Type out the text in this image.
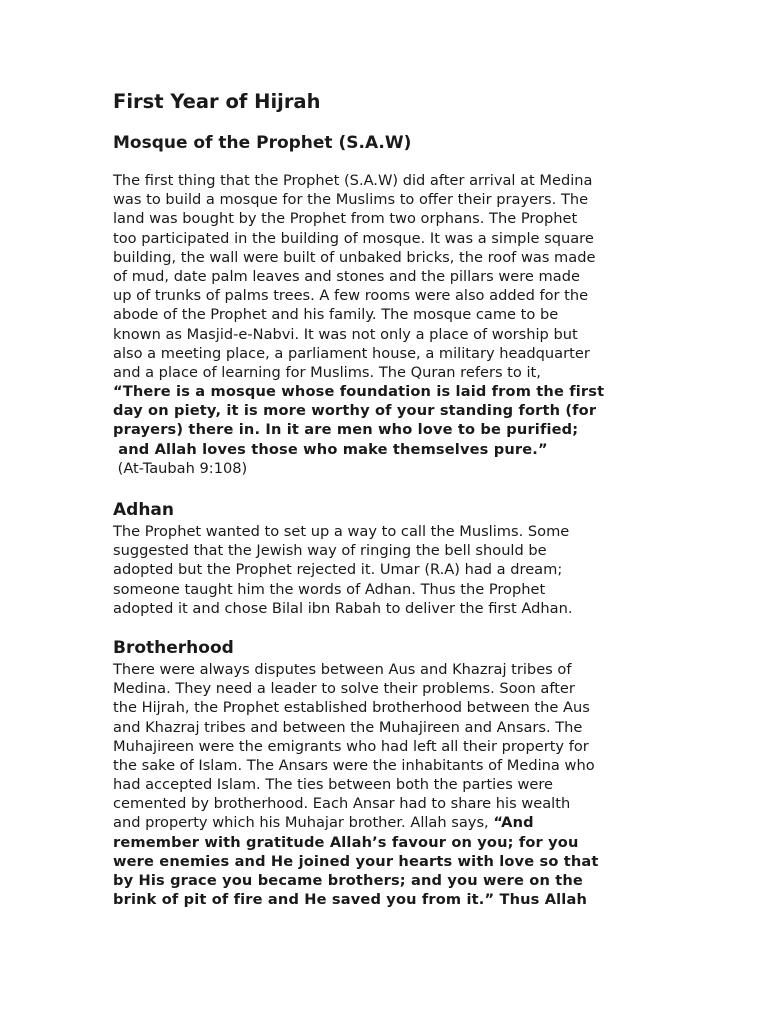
First Year of Hijrah
Mosque of the Prophet (S.A.W)
The first thing that the Prophet (S.A.W) did after arrival at Medina
was to build a mosque for the Muslims to offer their prayers. The
land was bought by the Prophet from two orphans. The Prophet
too participated in the building of mosque. It was a simple square
building, the wall were built of unbaked bricks, the roof was made
of mud, date palm leaves and stones and the pillars were made
up of trunks of palms trees. A few rooms were also added for the
abode of the Prophet and his family. The mosque came to be
known as Masjid-e-Nabvi. It was not only a place of worship but
also a meeting place, a parliament house, a military headquarter
and a place of learning for Muslims. The Quran refers to it,
“There is a mosque whose foundation is laid from the first
day on piety, it is more worthy of your standing forth (for
prayers) there in. In it are men who love to be purified;
and Allah loves those who make themselves pure.”
(At-Taubah 9:108)
Adhan
The Prophet wanted to set up a way to call the Muslims. Some
suggested that the Jewish way of ringing the bell should be
adopted but the Prophet rejected it. Umar (R.A) had a dream;
someone taught him the words of Adhan. Thus the Prophet
adopted it and chose Bilal ibn Rabah to deliver the first Adhan.
Brotherhood
There were always disputes between Aus and Khazraj tribes of
Medina. They need a leader to solve their problems. Soon after
the Hijrah, the Prophet established brotherhood between the Aus
and Khazraj tribes and between the Muhajireen and Ansars. The
Muhajireen were the emigrants who had left all their property for
the sake of Islam. The Ansars were the inhabitants of Medina who
had accepted Islam. The ties between both the parties were
cemented by brotherhood. Each Ansar had to share his wealth
and property which his Muhajar brother. Allah says, “And
remember with gratitude Allah’s favour on you; for you
were enemies and He joined your hearts with love so that
by His grace you became brothers; and you were on the
brink of pit of fire and He saved you from it.” Thus Allah
